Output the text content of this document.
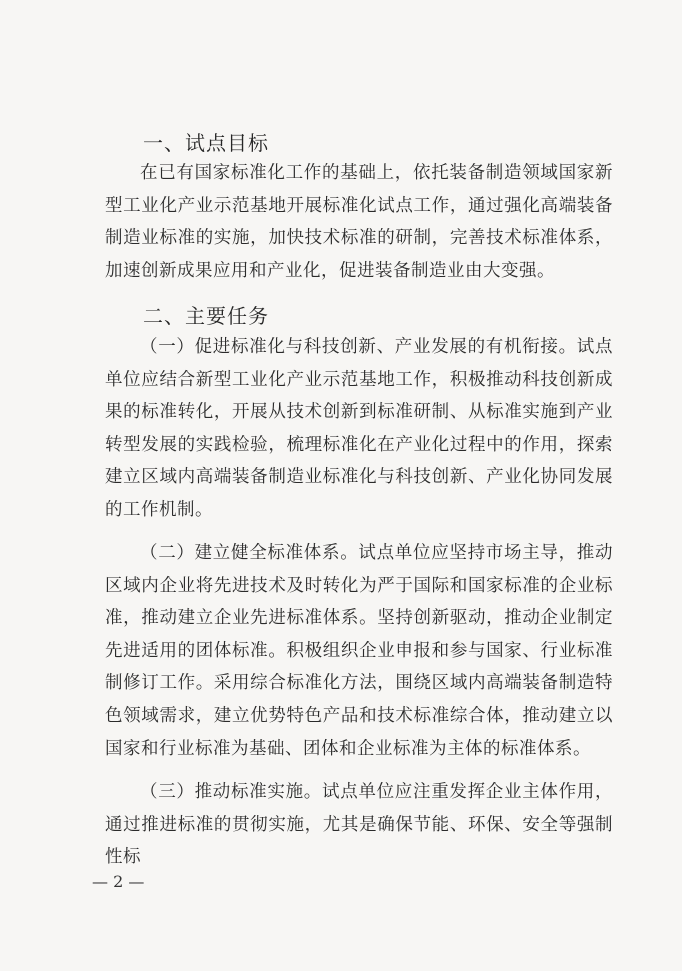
一、试点目标
在已有国家标准化工作的基础上，依托装备制造领域国家新型工业化产业示范基地开展标准化试点工作，通过强化高端装备制造业标准的实施，加快技术标准的研制，完善技术标准体系，加速创新成果应用和产业化，促进装备制造业由大变强。
二、主要任务
（一）促进标准化与科技创新、产业发展的有机衔接。试点单位应结合新型工业化产业示范基地工作，积极推动科技创新成果的标准转化，开展从技术创新到标准研制、从标准实施到产业转型发展的实践检验，梳理标准化在产业化过程中的作用，探索建立区域内高端装备制造业标准化与科技创新、产业化协同发展的工作机制。
（二）建立健全标准体系。试点单位应坚持市场主导，推动区域内企业将先进技术及时转化为严于国际和国家标准的企业标准，推动建立企业先进标准体系。坚持创新驱动，推动企业制定先进适用的团体标准。积极组织企业申报和参与国家、行业标准制修订工作。采用综合标准化方法，围绕区域内高端装备制造特色领域需求，建立优势特色产品和技术标准综合体，推动建立以国家和行业标准为基础、团体和企业标准为主体的标准体系。
（三）推动标准实施。试点单位应注重发挥企业主体作用，通过推进标准的贯彻实施，尤其是确保节能、环保、安全等强制性标
— 2 —
